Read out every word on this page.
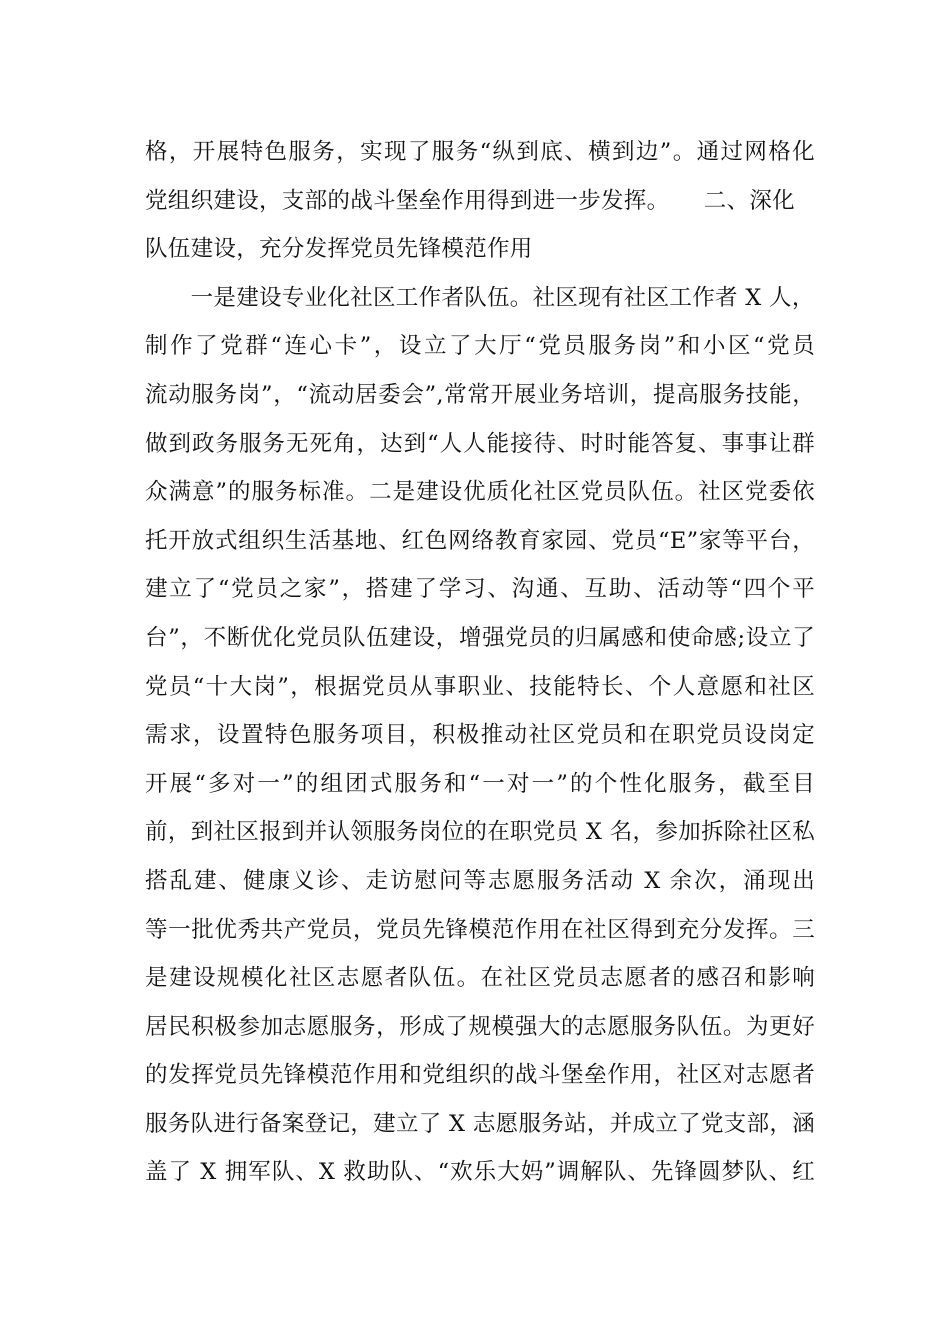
格，开展特色服务，实现了服务“纵到底、横到边”。通过网格化
党组织建设，支部的战斗堡垒作用得到进一步发挥。　　二、深化
队伍建设，充分发挥党员先锋模范作用
　　一是建设专业化社区工作者队伍。社区现有社区工作者 X 人，
制作了党群“连心卡”，设立了大厅“党员服务岗”和小区“党员
流动服务岗”，“流动居委会”,常常开展业务培训，提高服务技能，
做到政务服务无死角，达到“人人能接待、时时能答复、事事让群
众满意”的服务标准。二是建设优质化社区党员队伍。社区党委依
托开放式组织生活基地、红色网络教育家园、党员“E”家等平台，
建立了“党员之家”，搭建了学习、沟通、互助、活动等“四个平
台”，不断优化党员队伍建设，增强党员的归属感和使命感;设立了
党员“十大岗”，根据党员从事职业、技能特长、个人意愿和社区
需求，设置特色服务项目，积极推动社区党员和在职党员设岗定
开展“多对一”的组团式服务和“一对一”的个性化服务，截至目
前，到社区报到并认领服务岗位的在职党员 X 名，参加拆除社区私
搭乱建、健康义诊、走访慰问等志愿服务活动 X 余次，涌现出
等一批优秀共产党员，党员先锋模范作用在社区得到充分发挥。三
是建设规模化社区志愿者队伍。在社区党员志愿者的感召和影响
居民积极参加志愿服务，形成了规模强大的志愿服务队伍。为更好
的发挥党员先锋模范作用和党组织的战斗堡垒作用，社区对志愿者
服务队进行备案登记，建立了 X 志愿服务站，并成立了党支部，涵
盖了 X 拥军队、X 救助队、“欢乐大妈”调解队、先锋圆梦队、红
